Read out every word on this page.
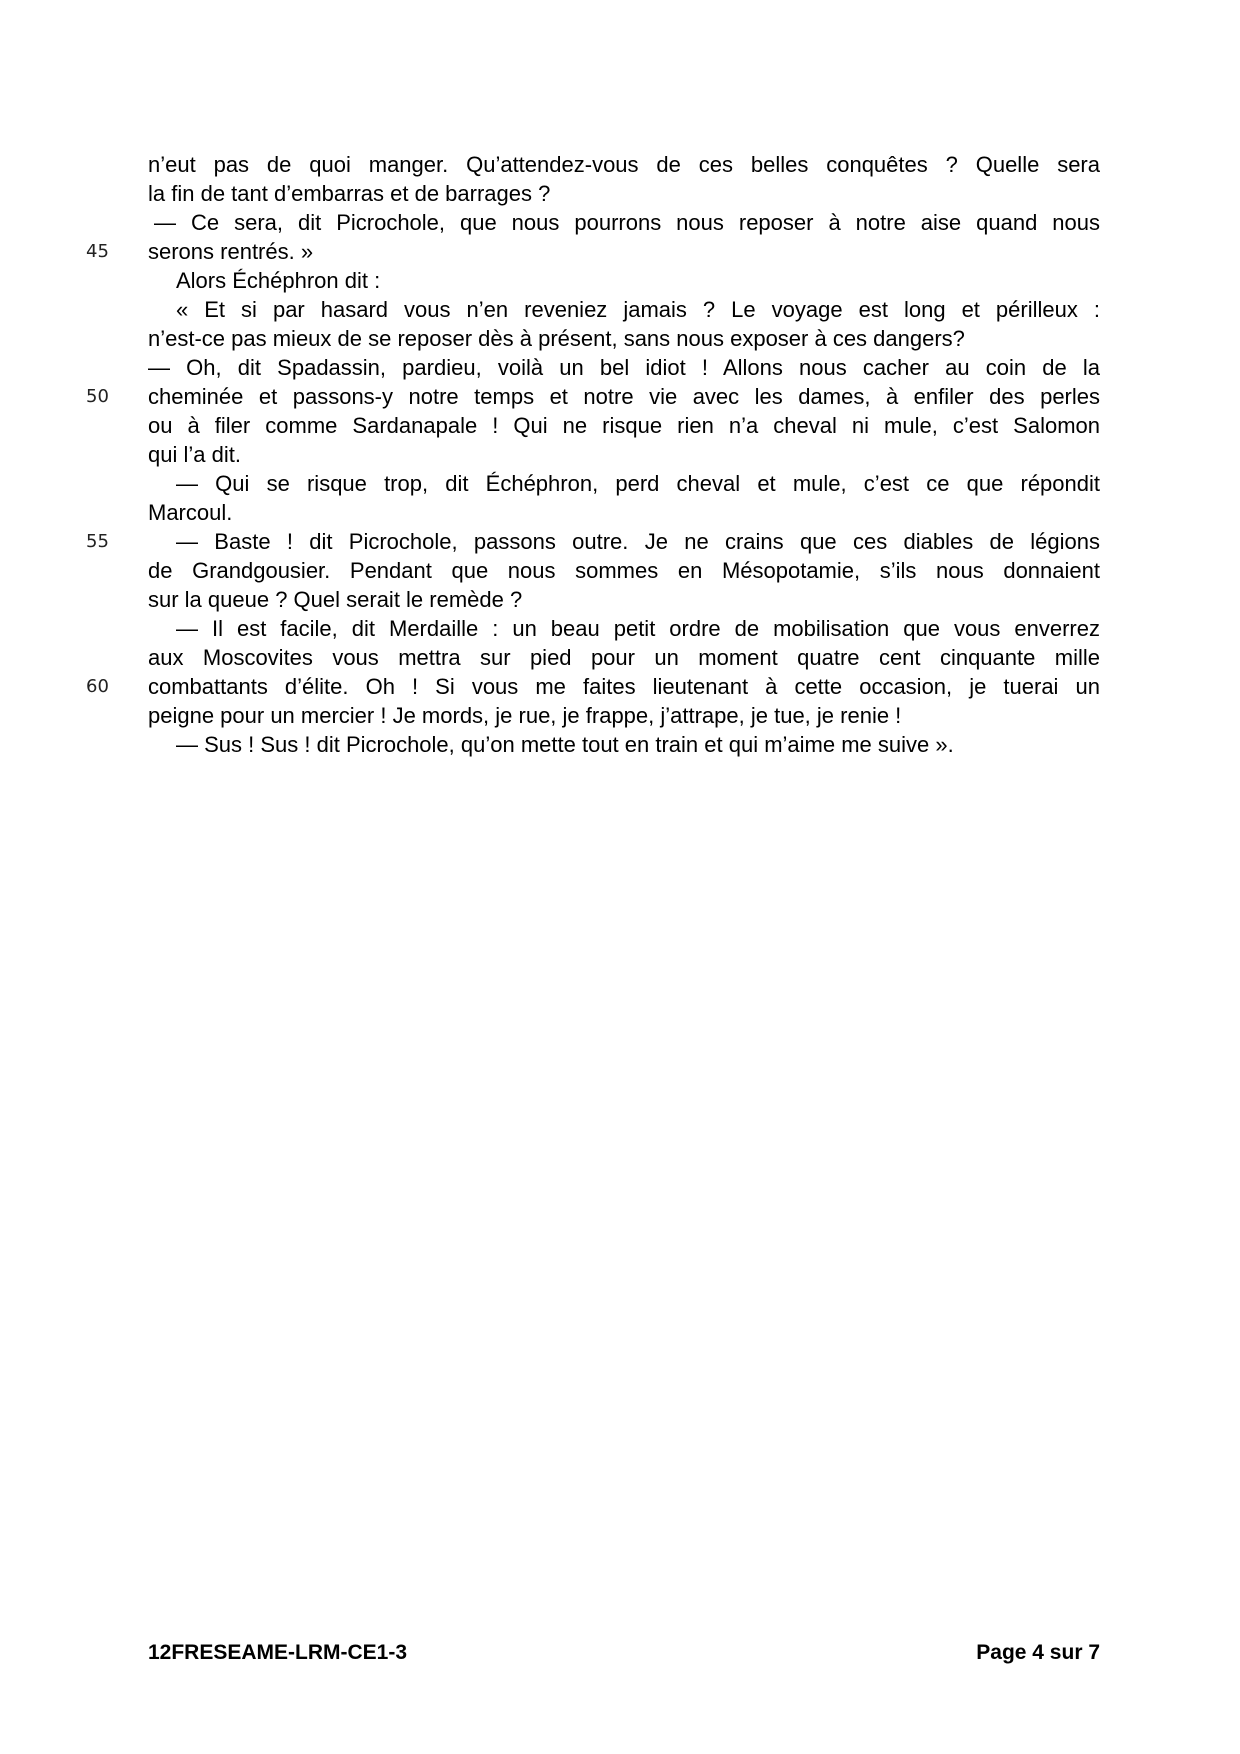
n’eut pas de quoi manger. Qu’attendez-vous de ces belles conquêtes ? Quelle sera
la fin de tant d’embarras et de barrages ?
— Ce sera, dit Picrochole, que nous pourrons nous reposer à notre aise quand nous
45	serons rentrés. »
Alors Échéphron dit :
« Et si par hasard vous n’en reveniez jamais ? Le voyage est long et périlleux :
n’est-ce pas mieux de se reposer dès à présent, sans nous exposer à ces dangers?
— Oh, dit Spadassin, pardieu, voilà un bel idiot ! Allons nous cacher au coin de la
50	cheminée et passons-y notre temps et notre vie avec les dames, à enfiler des perles
ou à filer comme Sardanapale ! Qui ne risque rien n’a cheval ni mule, c’est Salomon
qui l’a dit.
— Qui se risque trop, dit Échéphron, perd cheval et mule, c’est ce que répondit
Marcoul.
55	— Baste ! dit Picrochole, passons outre. Je ne crains que ces diables de légions
de Grandgousier. Pendant que nous sommes en Mésopotamie, s’ils nous donnaient
sur la queue ? Quel serait le remède ?
— Il est facile, dit Merdaille : un beau petit ordre de mobilisation que vous enverrez
aux Moscovites vous mettra sur pied pour un moment quatre cent cinquante mille
60	combattants d’élite. Oh ! Si vous me faites lieutenant à cette occasion, je tuerai un
peigne pour un mercier ! Je mords, je rue, je frappe, j’attrape, je tue, je renie !
— Sus ! Sus ! dit Picrochole, qu’on mette tout en train et qui m’aime me suive ».
12FRESEAME-LRM-CE1-3	Page 4 sur 7
